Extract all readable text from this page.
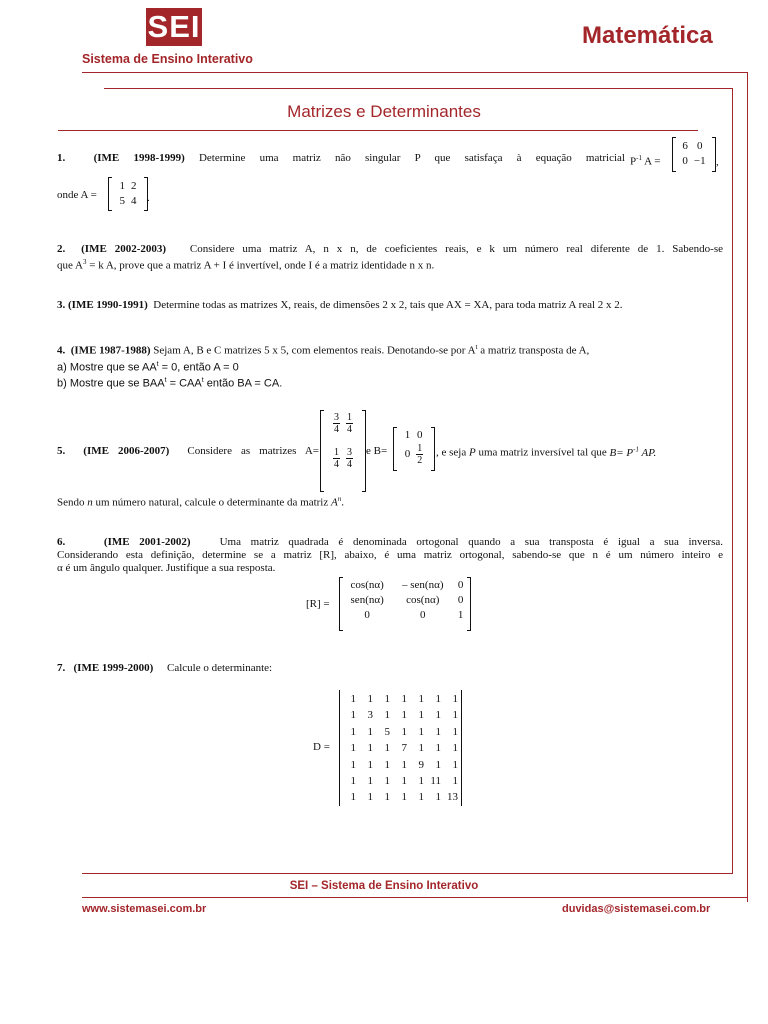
SEI
Sistema de Ensino Interativo
Matemática
Matrizes e Determinantes
1.	(IME 1998-1999) Determine uma matriz não singular P que satisfaça à equação matricial $P^{-1}$ A =
6	0
0	−1 ,
onde A =
1	2
5	4 .
2. (IME 2002-2003) Considere uma matriz A, n x n, de coeficientes reais, e k um número real diferente de 1. Sabendo-se
que $A^3 = k$ A, prove que a matriz A + I é invertível, onde I é a matriz identidade n x n.
3. (IME 1990-1991) Determine todas as matrizes X, reais, de dimensões 2 x 2, tais que AX = XA, para toda matriz A real 2 x 2.
4. (IME 1987-1988) Sejam A, B e C matrizes 5 x 5, com elementos reais. Denotando-se por $A^t$ a matriz transposta de A,
a) Mostre que se $AA^t = 0$, então A = 0
b) Mostre que se $BAA^t = CAA^t$ então BA = CA.
5. (IME 2006-2007) Considere as matrizes A=
$\frac{3}{4}$	$\frac{1}{4}$

$\frac{1}{4}$	$\frac{3}{4}$ e B=
1	0
0	$\frac{1}{2}$ , e seja P uma matriz inversível tal que $B= P^{-1}$ AP.
Sendo n um número natural, calcule o determinante da matriz $A^n$.
6.	(IME 2001-2002)	Uma matriz quadrada é denominada ortogonal quando a sua transposta é igual a sua inversa.
Considerando esta definição, determine se a matriz [R], abaixo, é uma matriz ortogonal, sabendo-se que n é um número inteiro e
α é um ângulo qualquer. Justifique a sua resposta.
[R] =
cos(nα)	– sen(nα)	0
sen(nα)	cos(nα)	0
0	0	1
7. (IME 1999-2000) Calcule o determinante:
D =
1	1	1	1	1	1	1
1	3	1	1	1	1	1
1	1	5	1	1	1	1
1	1	1	7	1	1	1
1	1	1	1	9	1	1
1	1	1	1	1	11	1
1	1	1	1	1	1	13
SEI – Sistema de Ensino Interativo
www.sistemasei.com.br	duvidas@sistemasei.com.br
